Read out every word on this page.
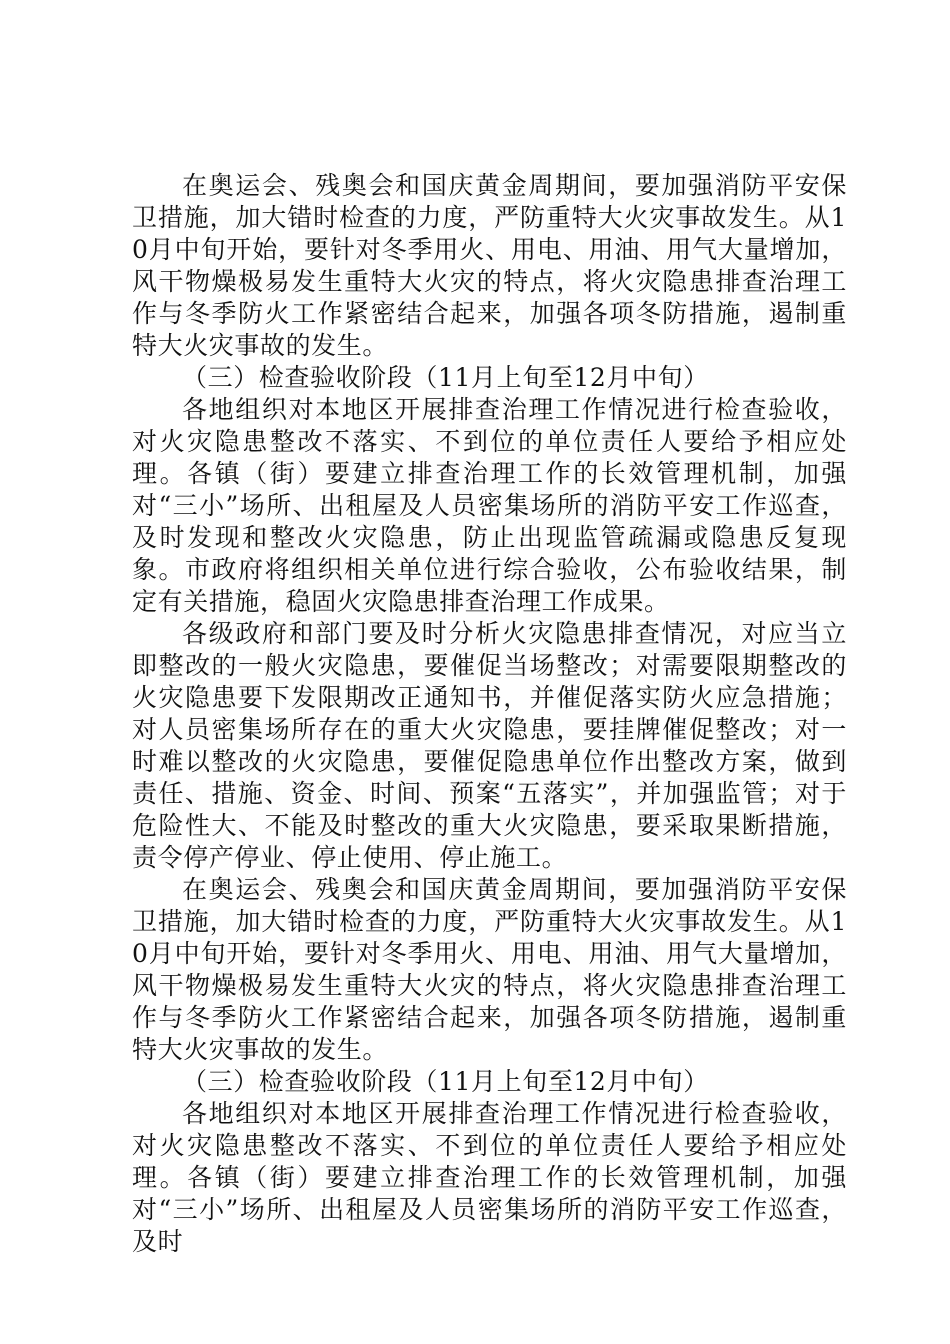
在奥运会、残奥会和国庆黄金周期间，要加强消防平安保卫措施，加大错时检查的力度，严防重特大火灾事故发生。从10月中旬开始，要针对冬季用火、用电、用油、用气大量增加，风干物燥极易发生重特大火灾的特点，将火灾隐患排查治理工作与冬季防火工作紧密结合起来，加强各项冬防措施，遏制重特大火灾事故的发生。

（三）检查验收阶段（11月上旬至12月中旬）

各地组织对本地区开展排查治理工作情况进行检查验收，对火灾隐患整改不落实、不到位的单位责任人要给予相应处理。各镇（街）要建立排查治理工作的长效管理机制，加强对“三小”场所、出租屋及人员密集场所的消防平安工作巡查，及时发现和整改火灾隐患，防止出现监管疏漏或隐患反复现象。市政府将组织相关单位进行综合验收，公布验收结果，制定有关措施，稳固火灾隐患排查治理工作成果。

各级政府和部门要及时分析火灾隐患排查情况，对应当立即整改的一般火灾隐患，要催促当场整改；对需要限期整改的火灾隐患要下发限期改正通知书，并催促落实防火应急措施；对人员密集场所存在的重大火灾隐患，要挂牌催促整改；对一时难以整改的火灾隐患，要催促隐患单位作出整改方案，做到责任、措施、资金、时间、预案“五落实”，并加强监管；对于危险性大、不能及时整改的重大火灾隐患，要采取果断措施，责令停产停业、停止使用、停止施工。

在奥运会、残奥会和国庆黄金周期间，要加强消防平安保卫措施，加大错时检查的力度，严防重特大火灾事故发生。从10月中旬开始，要针对冬季用火、用电、用油、用气大量增加，风干物燥极易发生重特大火灾的特点，将火灾隐患排查治理工作与冬季防火工作紧密结合起来，加强各项冬防措施，遏制重特大火灾事故的发生。

（三）检查验收阶段（11月上旬至12月中旬）

各地组织对本地区开展排查治理工作情况进行检查验收，对火灾隐患整改不落实、不到位的单位责任人要给予相应处理。各镇（街）要建立排查治理工作的长效管理机制，加强对“三小”场所、出租屋及人员密集场所的消防平安工作巡查，及时
